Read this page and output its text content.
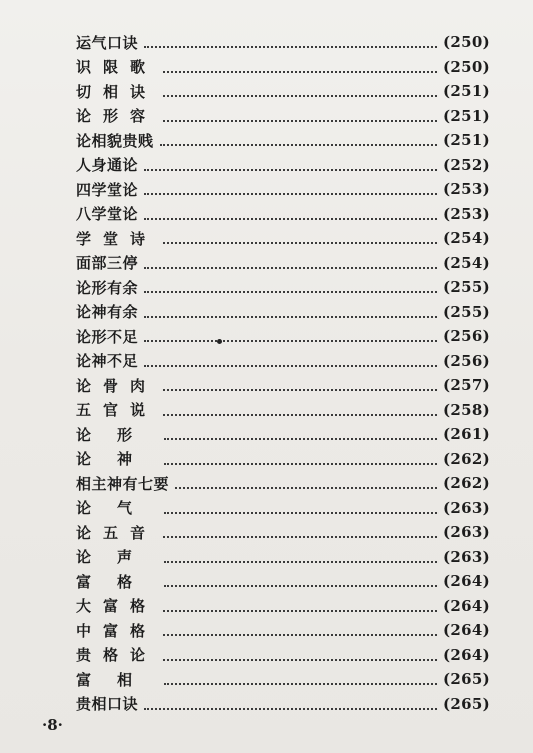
运气口诀	(250)
识限歌	(250)
切相诀	(251)
论形容	(251)
论相貌贵贱	(251)
人身通论	(252)
四学堂论	(253)
八学堂论	(253)
学堂诗	(254)
面部三停	(254)
论形有余	(255)
论神有余	(255)
论形不足	(256)
论神不足	(256)
论骨肉	(257)
五官说	(258)
论形	(261)
论神	(262)
相主神有七要	(262)
论气	(263)
论五音	(263)
论声	(263)
富格	(264)
大富格	(264)
中富格	(264)
贵格论	(264)
富相	(265)
贵相口诀	(265)
·8·
